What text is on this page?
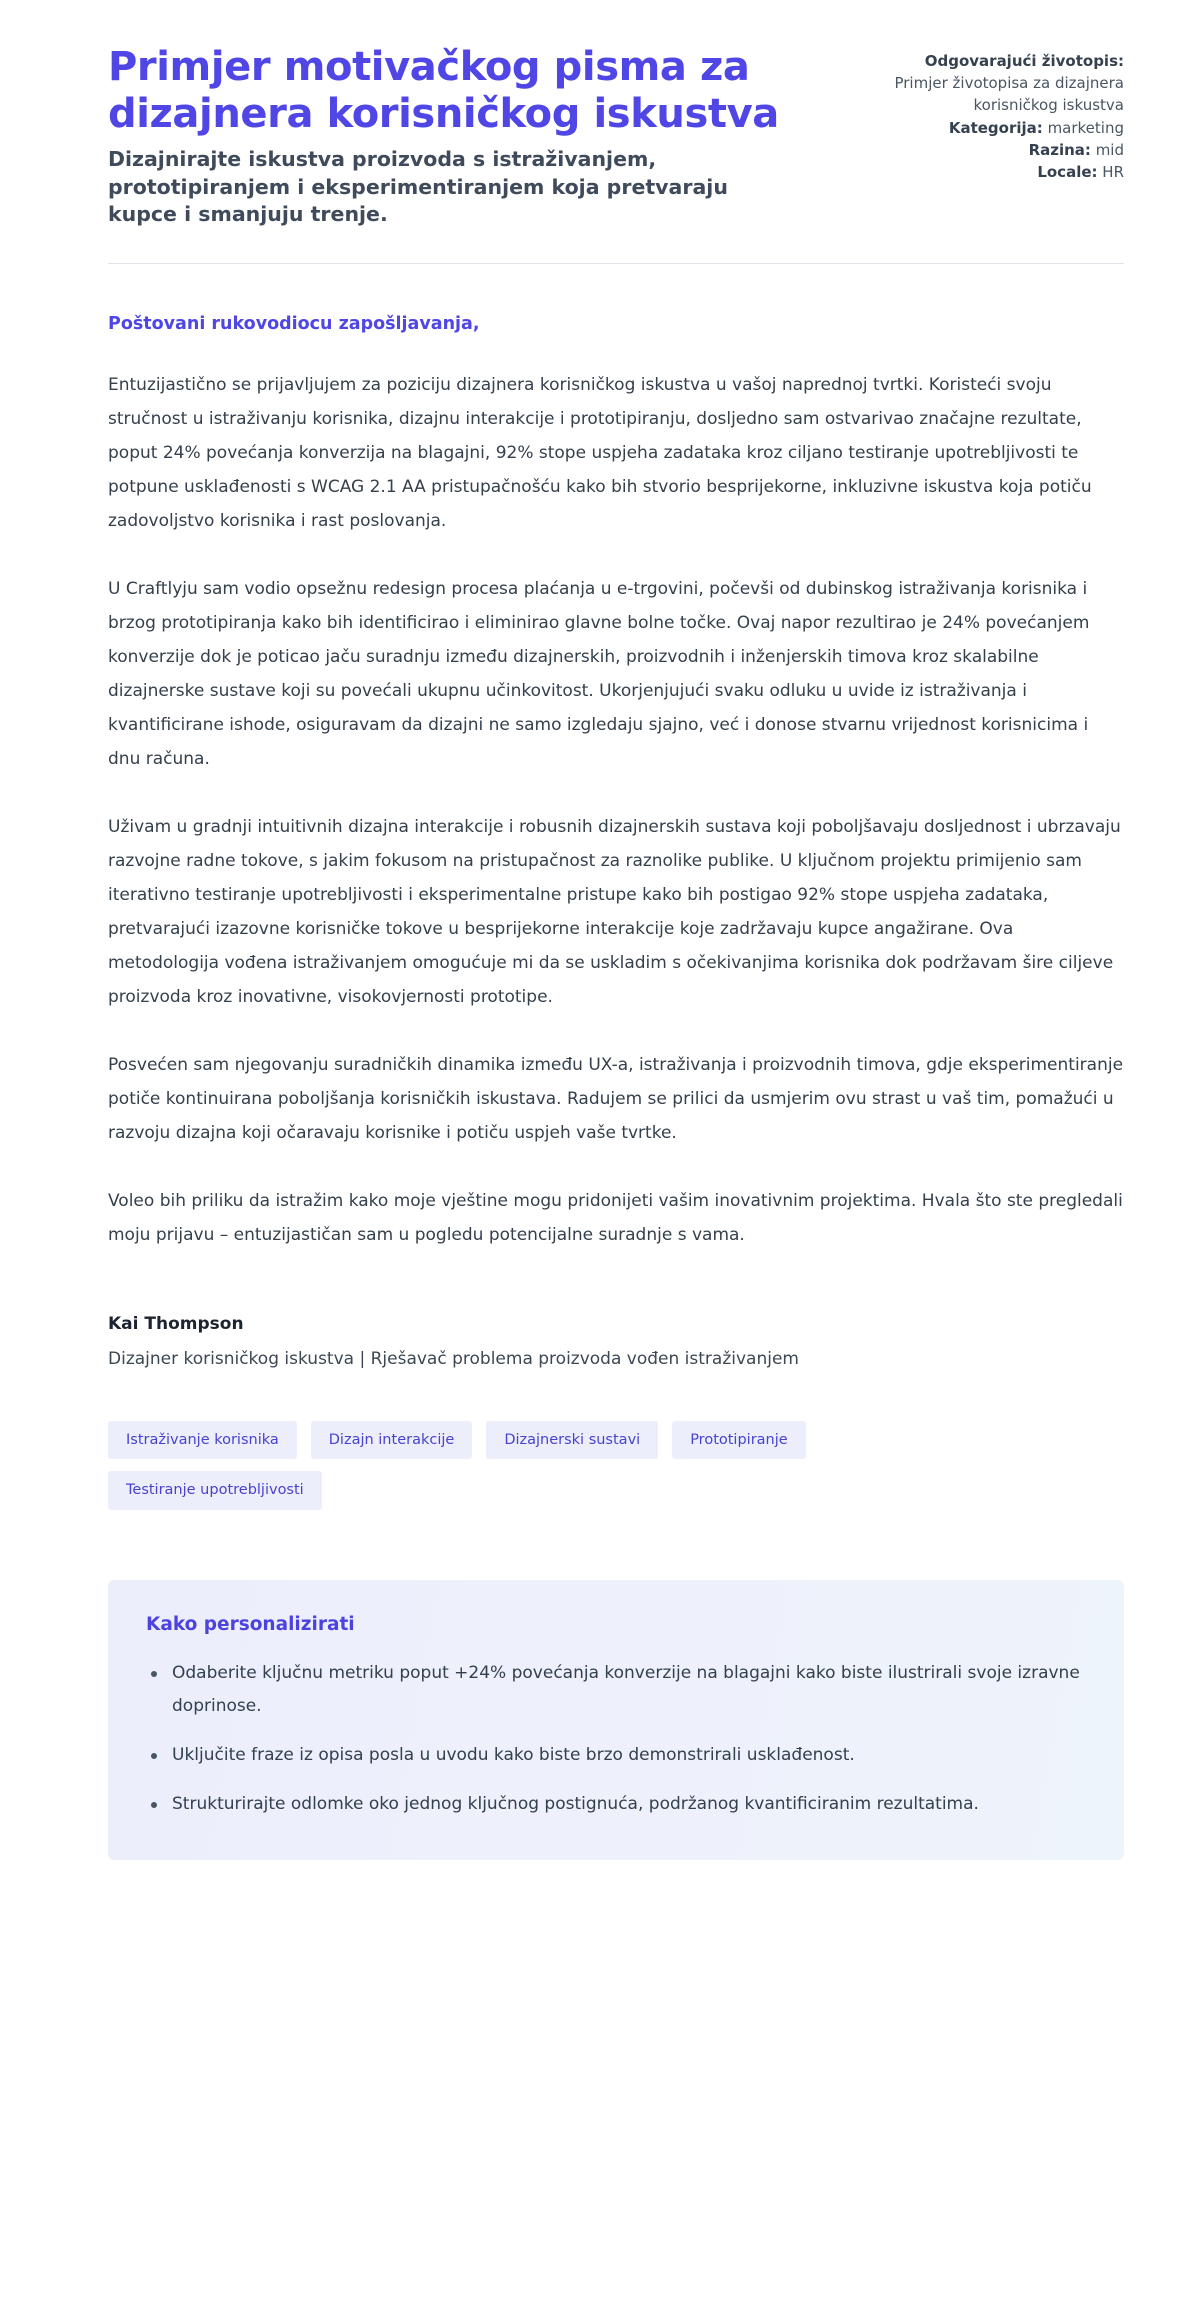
Primjer motivačkog pisma za dizajnera korisničkog iskustva

Dizajnirajte iskustva proizvoda s istraživanjem, prototipiranjem i eksperimentiranjem koja pretvaraju kupce i smanjuju trenje.

Odgovarajući životopis:
Primjer životopisa za dizajnera korisničkog iskustva
Kategorija: marketing
Razina: mid
Locale: HR

Poštovani rukovodiocu zapošljavanja,

Entuzijastično se prijavljujem za poziciju dizajnera korisničkog iskustva u vašoj naprednoj tvrtki. Koristeći svoju stručnost u istraživanju korisnika, dizajnu interakcije i prototipiranju, dosljedno sam ostvarivao značajne rezultate, poput 24% povećanja konverzija na blagajni, 92% stope uspjeha zadataka kroz ciljano testiranje upotrebljivosti te potpune usklađenosti s WCAG 2.1 AA pristupačnošću kako bih stvorio besprijekorne, inkluzivne iskustva koja potiču zadovoljstvo korisnika i rast poslovanja.

U Craftlyju sam vodio opsežnu redesign procesa plaćanja u e-trgovini, počevši od dubinskog istraživanja korisnika i brzog prototipiranja kako bih identificirao i eliminirao glavne bolne točke. Ovaj napor rezultirao je 24% povećanjem konverzije dok je poticao jaču suradnju između dizajnerskih, proizvodnih i inženjerskih timova kroz skalabilne dizajnerske sustave koji su povećali ukupnu učinkovitost. Ukorjenjujući svaku odluku u uvide iz istraživanja i kvantificirane ishode, osiguravam da dizajni ne samo izgledaju sjajno, već i donose stvarnu vrijednost korisnicima i dnu računa.

Uživam u gradnji intuitivnih dizajna interakcije i robusnih dizajnerskih sustava koji poboljšavaju dosljednost i ubrzavaju razvojne radne tokove, s jakim fokusom na pristupačnost za raznolike publike. U ključnom projektu primijenio sam iterativno testiranje upotrebljivosti i eksperimentalne pristupe kako bih postigao 92% stope uspjeha zadataka, pretvarajući izazovne korisničke tokove u besprijekorne interakcije koje zadržavaju kupce angažirane. Ova metodologija vođena istraživanjem omogućuje mi da se uskladim s očekivanjima korisnika dok podržavam šire ciljeve proizvoda kroz inovativne, visokovjernosti prototipe.

Posvećen sam njegovanju suradničkih dinamika između UX-a, istraživanja i proizvodnih timova, gdje eksperimentiranje potiče kontinuirana poboljšanja korisničkih iskustava. Radujem se prilici da usmjerim ovu strast u vaš tim, pomažući u razvoju dizajna koji očaravaju korisnike i potiču uspjeh vaše tvrtke.

Voleo bih priliku da istražim kako moje vještine mogu pridonijeti vašim inovativnim projektima. Hvala što ste pregledali moju prijavu – entuzijastičan sam u pogledu potencijalne suradnje s vama.

Kai Thompson

Dizajner korisničkog iskustva | Rješavač problema proizvoda vođen istraživanjem

Istraživanje korisnika	Dizajn interakcije	Dizajnerski sustavi	Prototipiranje
Testiranje upotrebljivosti
Kako personalizirati
Odaberite ključnu metriku poput +24% povećanja konverzije na blagajni kako biste ilustrirali svoje izravne doprinose.
Uključite fraze iz opisa posla u uvodu kako biste brzo demonstrirali usklađenost.
Strukturirajte odlomke oko jednog ključnog postignuća, podržanog kvantificiranim rezultatima.
